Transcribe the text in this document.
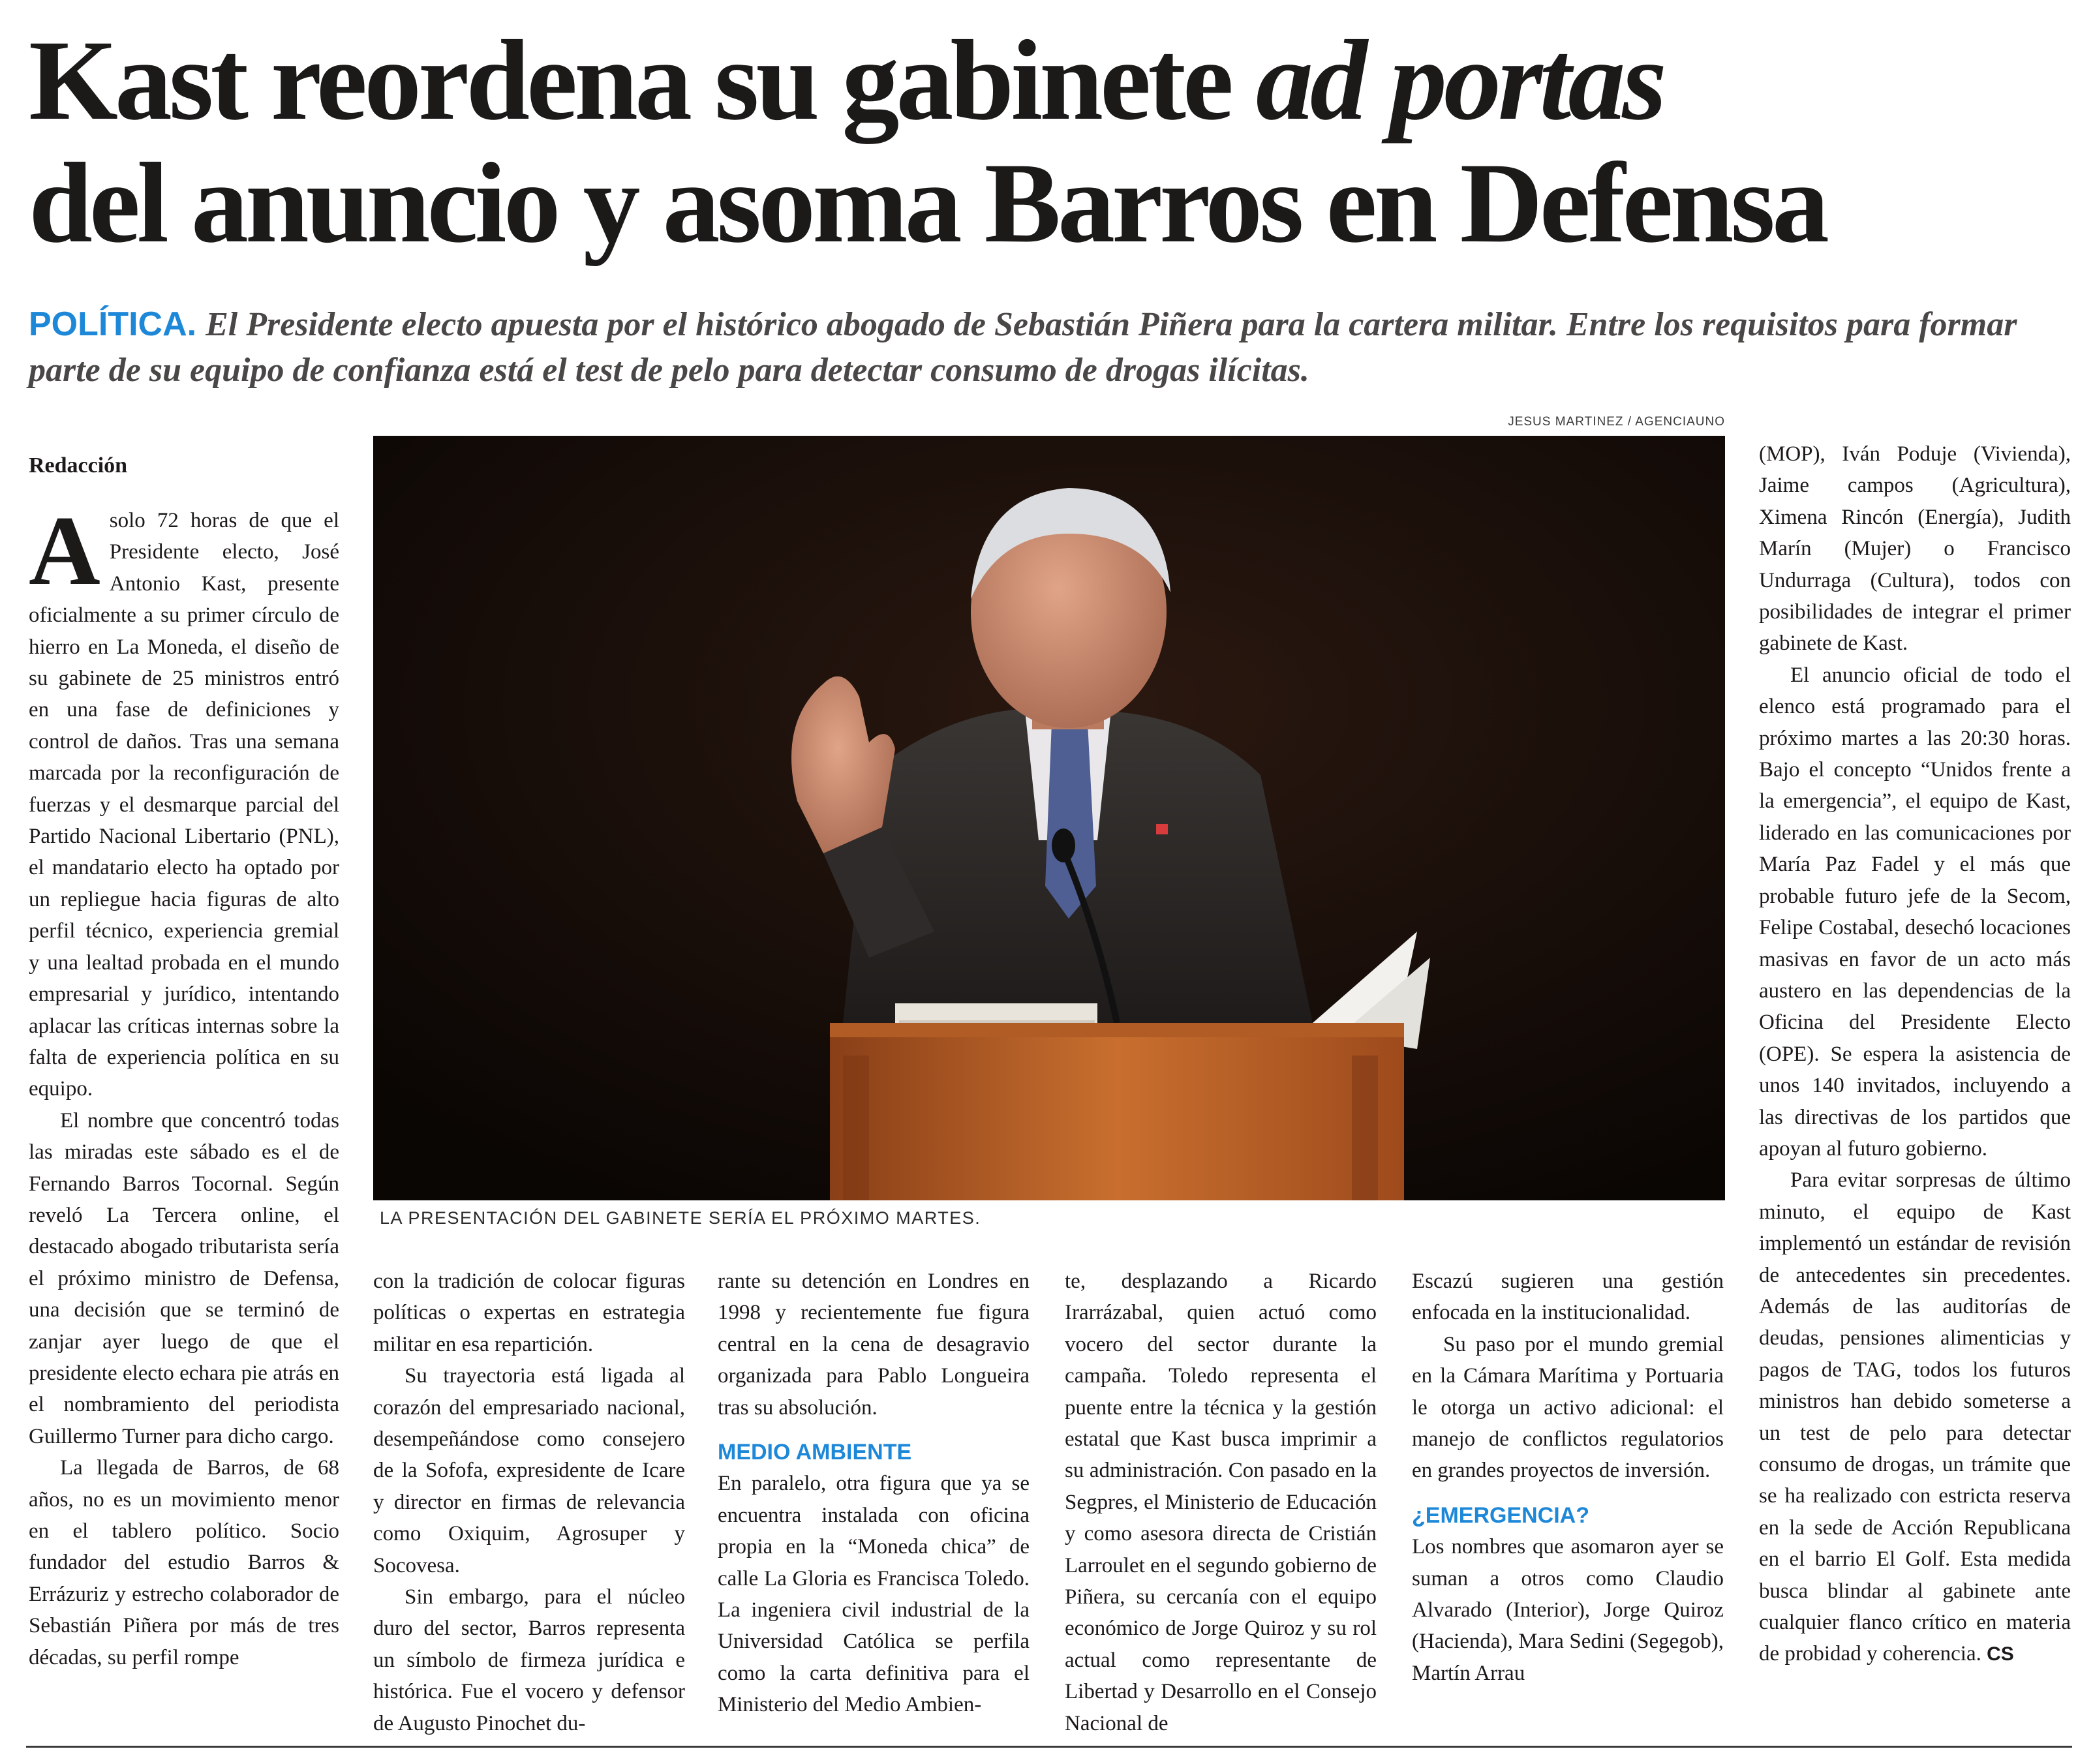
Kast reordena su gabinete ad portas
del anuncio y asoma Barros en Defensa
POLÍTICA. El Presidente electo apuesta por el histórico abogado de Sebastián Piñera para la cartera militar. Entre los requisitos para formar parte de su equipo de confianza está el test de pelo para detectar consumo de drogas ilícitas.
Redacción

Asolo 72 horas de que el Presidente electo, José Antonio Kast, presente oficialmente a su primer círculo de hierro en La Moneda, el diseño de su gabinete de 25 ministros entró en una fase de definiciones y control de daños. Tras una semana marcada por la reconfiguración de fuerzas y el desmarque parcial del Partido Nacional Libertario (PNL), el mandatario electo ha optado por un repliegue hacia figuras de alto perfil técnico, experiencia gremial y una lealtad probada en el mundo empresarial y jurídico, intentando aplacar las críticas internas sobre la falta de experiencia política en su equipo.

El nombre que concentró todas las miradas este sábado es el de Fernando Barros Tocornal. Según reveló La Tercera online, el destacado abogado tributarista sería el próximo ministro de Defensa, una decisión que se terminó de zanjar ayer luego de que el presidente electo echara pie atrás en el nombramiento del periodista Guillermo Turner para dicho cargo.

La llegada de Barros, de 68 años, no es un movimiento menor en el tablero político. Socio fundador del estudio Barros & Errázuriz y estrecho colaborador de Sebastián Piñera por más de tres décadas, su perfil rompe

JESUS MARTINEZ / AGENCIAUNO
LA PRESENTACIÓN DEL GABINETE SERÍA EL PRÓXIMO MARTES.

con la tradición de colocar figuras políticas o expertas en estrategia militar en esa repartición.

Su trayectoria está ligada al corazón del empresariado nacional, desempeñándose como consejero de la Sofofa, expresidente de Icare y director en firmas de relevancia como Oxiquim, Agrosuper y Socovesa.

Sin embargo, para el núcleo duro del sector, Barros representa un símbolo de firmeza jurídica e histórica. Fue el vocero y defensor de Augusto Pinochet du-

rante su detención en Londres en 1998 y recientemente fue figura central en la cena de desagravio organizada para Pablo Longueira tras su absolución.

MEDIO AMBIENTE

En paralelo, otra figura que ya se encuentra instalada con oficina propia en la “Moneda chica” de calle La Gloria es Francisca Toledo. La ingeniera civil industrial de la Universidad Católica se perfila como la carta definitiva para el Ministerio del Medio Ambien-

te, desplazando a Ricardo Irarrázabal, quien actuó como vocero del sector durante la campaña. Toledo representa el puente entre la técnica y la gestión estatal que Kast busca imprimir a su administración. Con pasado en la Segpres, el Ministerio de Educación y como asesora directa de Cristián Larroulet en el segundo gobierno de Piñera, su cercanía con el equipo económico de Jorge Quiroz y su rol actual como representante de Libertad y Desarrollo en el Consejo Nacional de

Escazú sugieren una gestión enfocada en la institucionalidad.

Su paso por el mundo gremial en la Cámara Marítima y Portuaria le otorga un activo adicional: el manejo de conflictos regulatorios en grandes proyectos de inversión.

¿EMERGENCIA?

Los nombres que asomaron ayer se suman a otros como Claudio Alvarado (Interior), Jorge Quiroz (Hacienda), Mara Sedini (Segegob), Martín Arrau

(MOP), Iván Poduje (Vivienda), Jaime campos (Agricultura), Ximena Rincón (Energía), Judith Marín (Mujer) o Francisco Undurraga (Cultura), todos con posibilidades de integrar el primer gabinete de Kast.

El anuncio oficial de todo el elenco está programado para el próximo martes a las 20:30 horas. Bajo el concepto “Unidos frente a la emergencia”, el equipo de Kast, liderado en las comunicaciones por María Paz Fadel y el más que probable futuro jefe de la Secom, Felipe Costabal, desechó locaciones masivas en favor de un acto más austero en las dependencias de la Oficina del Presidente Electo (OPE). Se espera la asistencia de unos 140 invitados, incluyendo a las directivas de los partidos que apoyan al futuro gobierno.

Para evitar sorpresas de último minuto, el equipo de Kast implementó un estándar de revisión de antecedentes sin precedentes. Además de las auditorías de deudas, pensiones alimenticias y pagos de TAG, todos los futuros ministros han debido someterse a un test de pelo para detectar consumo de drogas, un trámite que se ha realizado con estricta reserva en la sede de Acción Republicana en el barrio El Golf. Esta medida busca blindar al gabinete ante cualquier flanco crítico en materia de probidad y coherencia. CS
